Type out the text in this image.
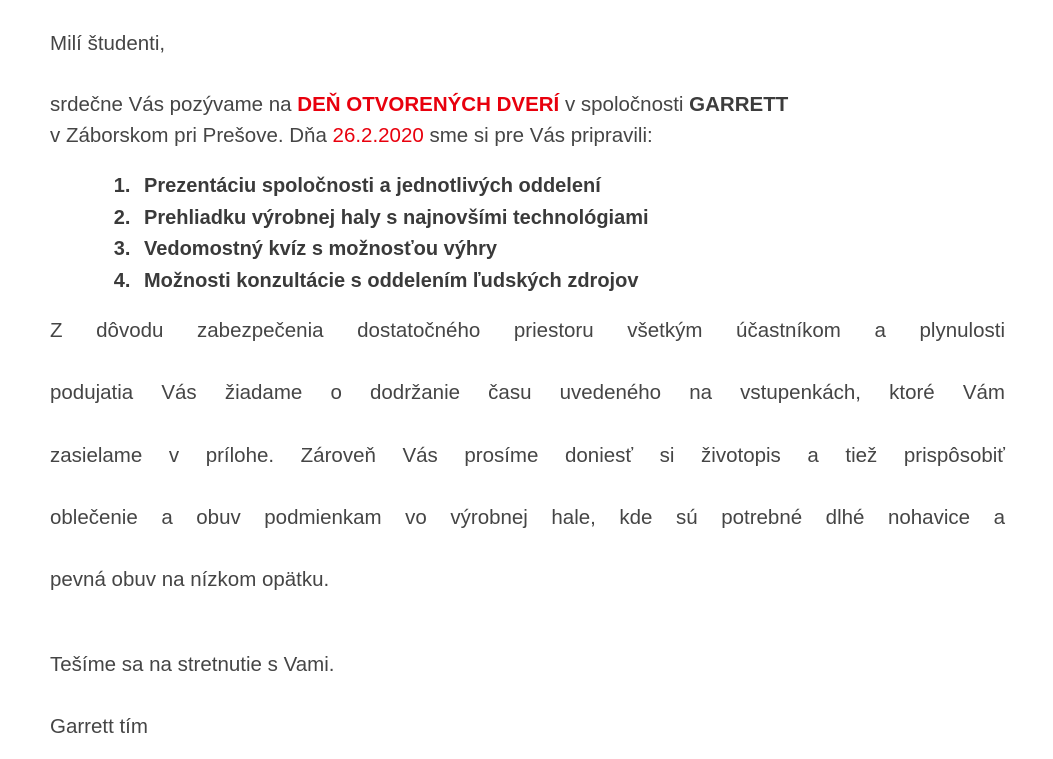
Milí študenti,

srdečne Vás pozývame na DEŇ OTVORENÝCH DVERÍ v spoločnosti GARRETT
v Záborskom pri Prešove. Dňa 26.2.2020 sme si pre Vás pripravili:

1. Prezentáciu spoločnosti a jednotlivých oddelení
2. Prehliadku výrobnej haly s najnovšími technológiami
3. Vedomostný kvíz s možnosťou výhry
4. Možnosti konzultácie s oddelením ľudských zdrojov

Z dôvodu zabezpečenia dostatočného priestoru všetkým účastníkom a plynulosti
podujatia Vás žiadame o dodržanie času uvedeného na vstupenkách, ktoré Vám
zasielame v prílohe. Zároveň Vás prosíme doniesť si životopis a tiež prispôsobiť
oblečenie a obuv podmienkam vo výrobnej hale, kde sú potrebné dlhé nohavice a
pevná obuv na nízkom opätku.

Tešíme sa na stretnutie s Vami.

Garrett tím
